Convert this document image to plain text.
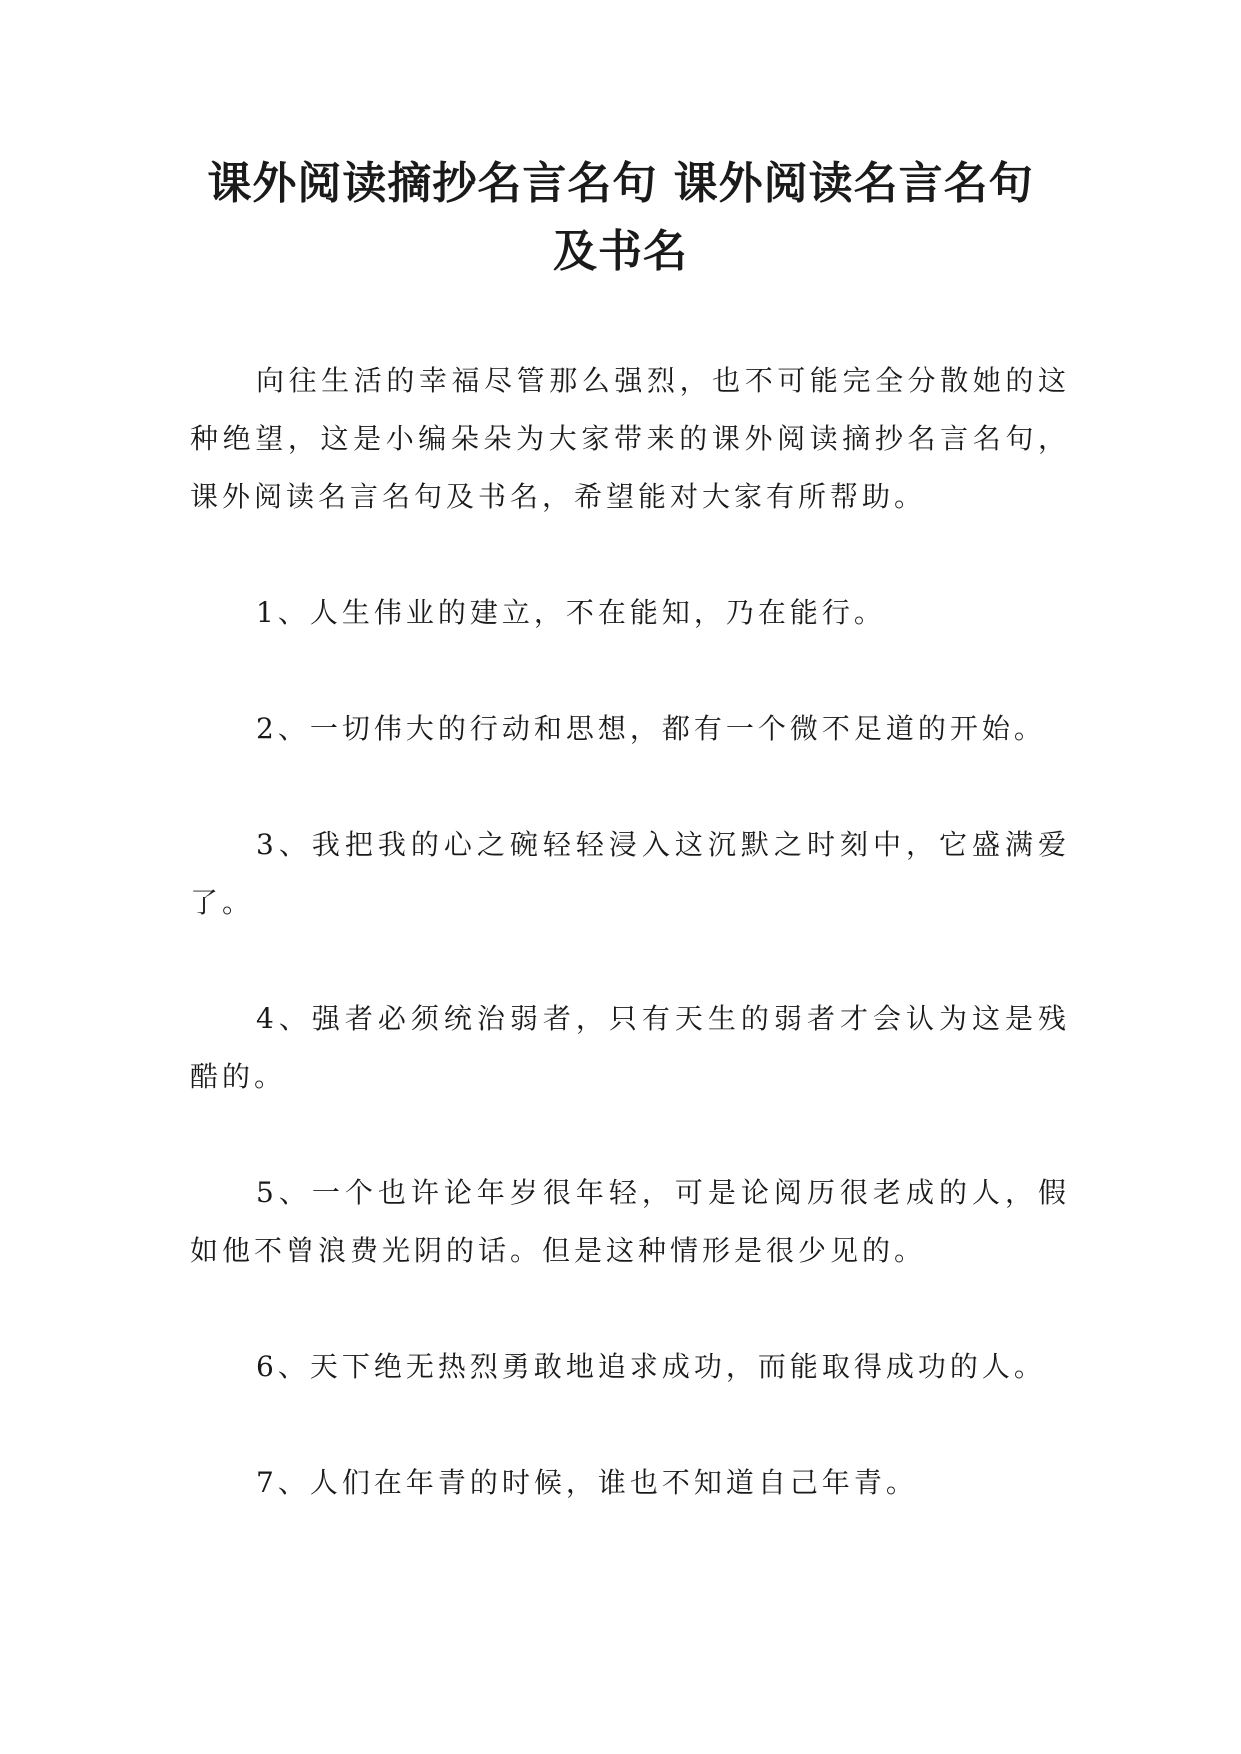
课外阅读摘抄名言名句 课外阅读名言名句
及书名

向往生活的幸福尽管那么强烈，也不可能完全分散她的这种绝望，这是小编朵朵为大家带来的课外阅读摘抄名言名句，课外阅读名言名句及书名，希望能对大家有所帮助。

1、人生伟业的建立，不在能知，乃在能行。

2、一切伟大的行动和思想，都有一个微不足道的开始。

3、我把我的心之碗轻轻浸入这沉默之时刻中，它盛满爱了。

4、强者必须统治弱者，只有天生的弱者才会认为这是残酷的。

5、一个也许论年岁很年轻，可是论阅历很老成的人，假如他不曾浪费光阴的话。但是这种情形是很少见的。

6、天下绝无热烈勇敢地追求成功，而能取得成功的人。

7、人们在年青的时候，谁也不知道自己年青。
